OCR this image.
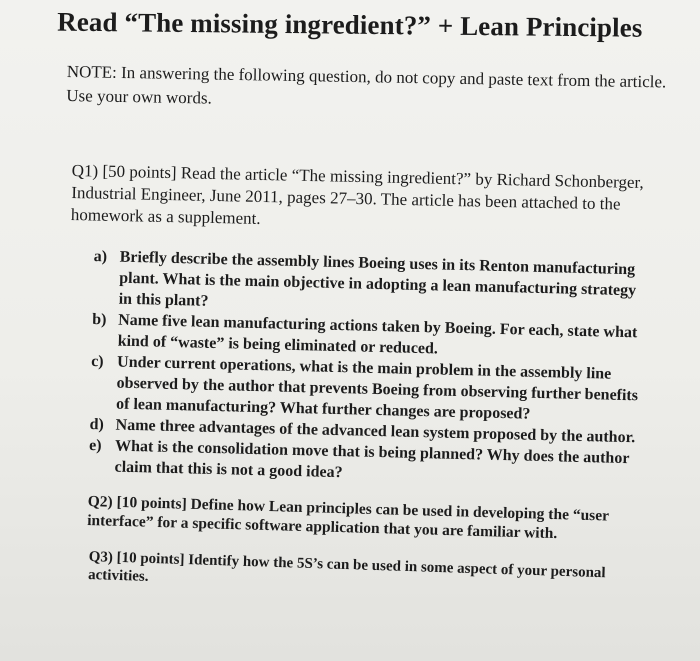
Read “The missing ingredient?” + Lean Principles
NOTE: In answering the following question, do not copy and paste text from the article. Use your own words.
Q1) [50 points] Read the article “The missing ingredient?” by Richard Schonberger, Industrial Engineer, June 2011, pages 27–30. The article has been attached to the homework as a supplement.
a) Briefly describe the assembly lines Boeing uses in its Renton manufacturing plant. What is the main objective in adopting a lean manufacturing strategy in this plant?
b) Name five lean manufacturing actions taken by Boeing. For each, state what kind of “waste” is being eliminated or reduced.
c) Under current operations, what is the main problem in the assembly line observed by the author that prevents Boeing from observing further benefits of lean manufacturing? What further changes are proposed?
d) Name three advantages of the advanced lean system proposed by the author.
e) What is the consolidation move that is being planned? Why does the author claim that this is not a good idea?
Q2) [10 points] Define how Lean principles can be used in developing the “user interface” for a specific software application that you are familiar with.
Q3) [10 points] Identify how the 5S’s can be used in some aspect of your personal activities.
